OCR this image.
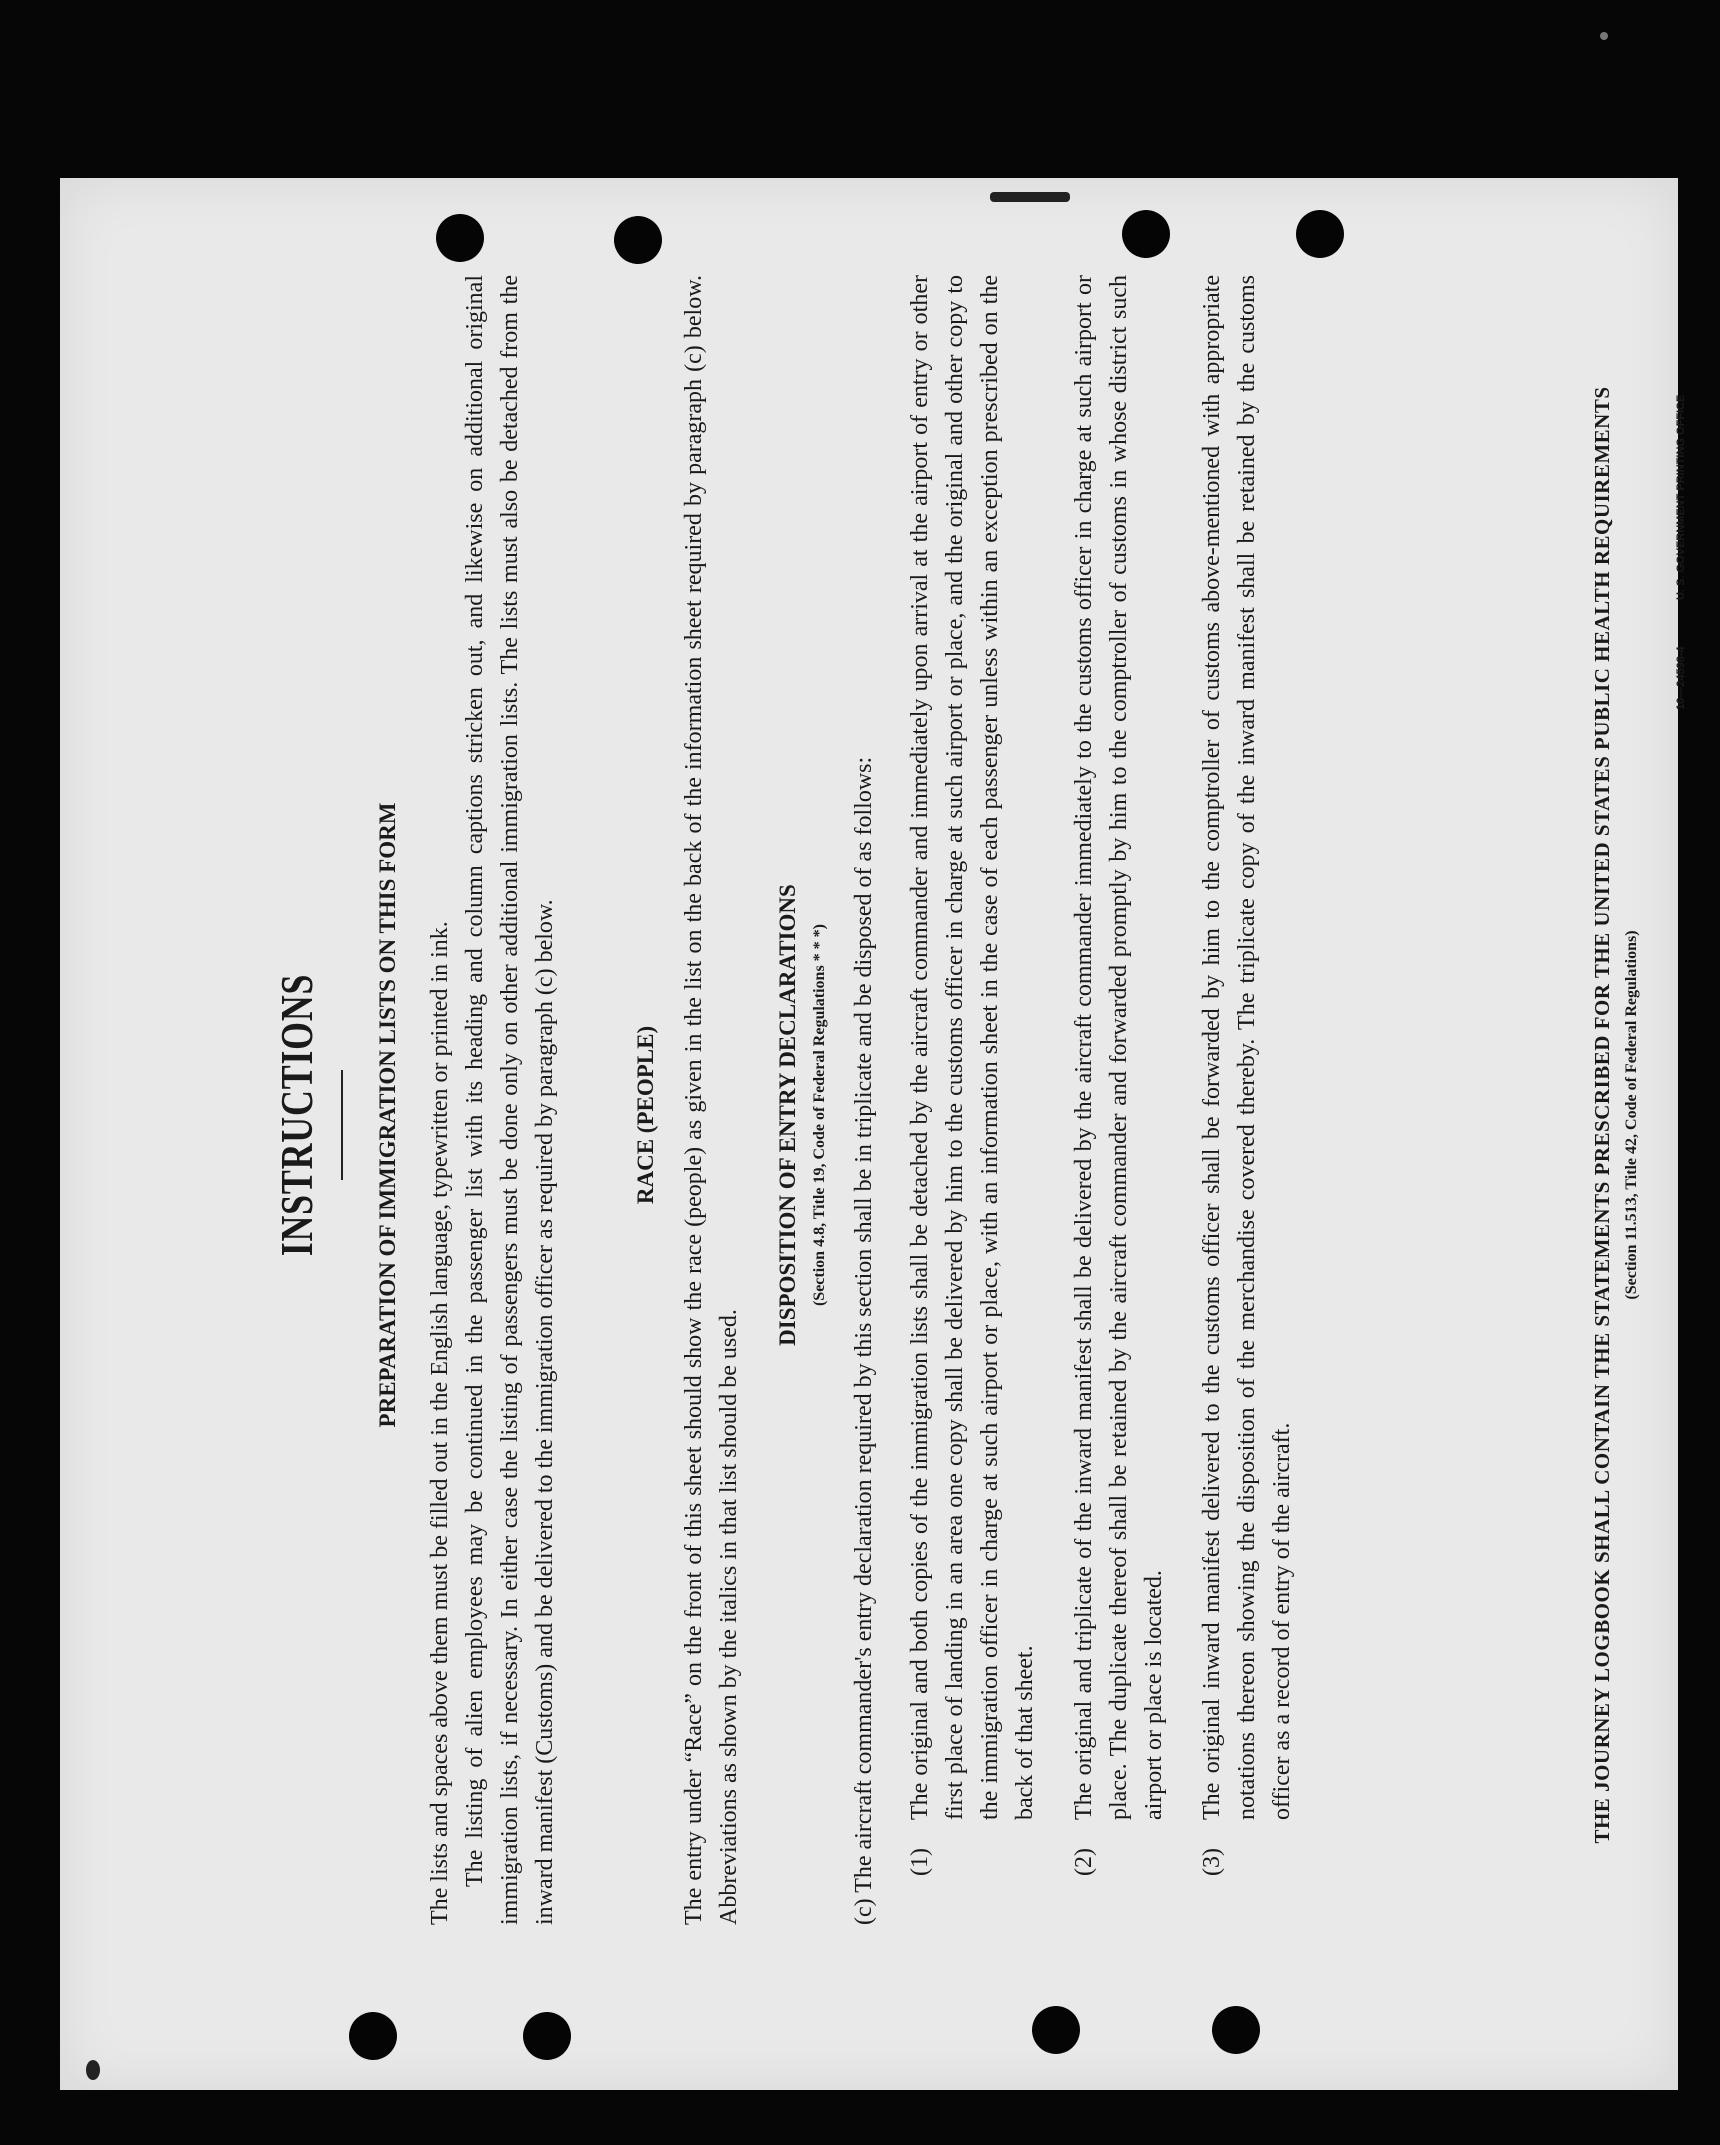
INSTRUCTIONS PREPARATION OF IMMIGRATION LISTS ON THIS FORM The lists and spaces above them must be filled out in the English language, typewritten or printed in ink. The listing of alien employees may be continued in the passenger list with its heading and column captions stricken out, and likewise on additional original immigration lists, if necessary. In either case the listing of passengers must be done only on other additional immigration lists. The lists must also be detached from the inward manifest (Customs) and be delivered to the immigration officer as required by paragraph (c) below.	RACE (PEOPLE) The entry under “Race” on the front of this sheet should show the race (people) as given in the list on the back of the information sheet required by paragraph (c) below. Abbreviations as shown by the italics in that list should be used.

DISPOSITION OF ENTRY DECLARATIONS (Section 4.8, Title 19, Code of Federal Regulations * * *) (c) The aircraft commander's entry declaration required by this section shall be in triplicate and be disposed of as follows: (1)
The original and both copies of the immigration lists shall be detached by the aircraft commander and immediately upon arrival at the airport of entry or other first place of landing in an area one copy shall be delivered by him to the customs officer in charge at such airport or place, and the original and other copy to the immigration officer in charge at such airport or place, with an information sheet in the case of each passenger unless within an exception prescribed on the back of that sheet.
(2)
The original and triplicate of the inward manifest shall be delivered by the aircraft commander immediately to the customs officer in charge at such airport or place. The duplicate thereof shall be retained by the aircraft commander and forwarded promptly by him to the comptroller of customs in whose district such airport or place is located.
(3)
The original inward manifest delivered to the customs officer shall be forwarded by him to the comptroller of customs above-mentioned with appropriate notations thereon showing the disposition of the merchandise covered thereby. The triplicate copy of the inward manifest shall be retained by the customs officer as a record of entry of the aircraft.	THE JOURNEY LOGBOOK SHALL CONTAIN THE STATEMENTS PRESCRIBED FOR THE UNITED STATES PUBLIC HEALTH REQUIREMENTS (Section 11.513, Title 42, Code of Federal Regulations)
16—24598-4
U. S. GOVERNMENT PRINTING OFFICE
